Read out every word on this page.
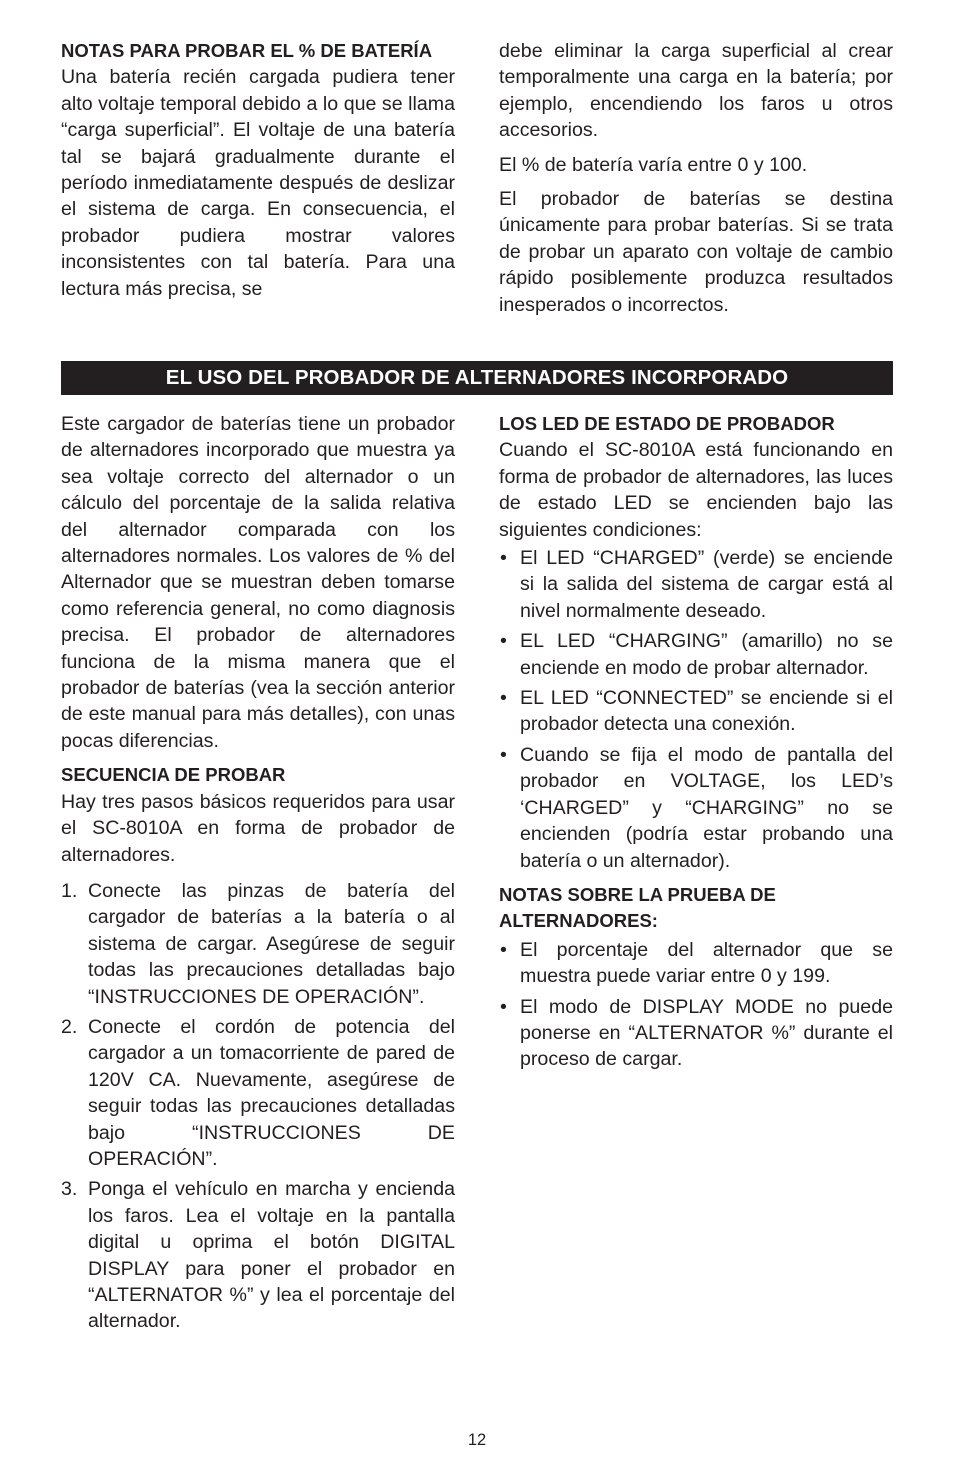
NOTAS PARA PROBAR EL % DE BATERÍA

Una batería recién cargada pudiera tener alto voltaje temporal debido a lo que se llama “carga superficial”. El voltaje de una batería tal se bajará gradualmente durante el período inmediatamente después de deslizar el sistema de carga. En consecuencia, el probador pudiera mostrar valores inconsistentes con tal batería. Para una lectura más precisa, se

debe eliminar la carga superficial al crear temporalmente una carga en la batería; por ejemplo, encendiendo los faros u otros accesorios.

El % de batería varía entre 0 y 100.

El probador de baterías se destina únicamente para probar baterías. Si se trata de probar un aparato con voltaje de cambio rápido posiblemente produzca resultados inesperados o incorrectos.

EL USO DEL PROBADOR DE ALTERNADORES INCORPORADO

Este cargador de baterías tiene un probador de alternadores incorporado que muestra ya sea voltaje correcto del alternador o un cálculo del porcentaje de la salida relativa del alternador comparada con los alternadores normales. Los valores de % del Alternador que se muestran deben tomarse como referencia general, no como diagnosis precisa. El probador de alternadores funciona de la misma manera que el probador de baterías (vea la sección anterior de este manual para más detalles), con unas pocas diferencias.

SECUENCIA DE PROBAR

Hay tres pasos básicos requeridos para usar el SC-8010A en forma de probador de alternadores.

1. Conecte las pinzas de batería del cargador de baterías a la batería o al sistema de cargar. Asegúrese de seguir todas las precauciones detalladas bajo “INSTRUCCIONES DE OPERACIÓN”.
2. Conecte el cordón de potencia del cargador a un tomacorriente de pared de 120V CA. Nuevamente, asegúrese de seguir todas las precauciones detalladas bajo “INSTRUCCIONES DE OPERACIÓN”.
3. Ponga el vehículo en marcha y encienda los faros. Lea el voltaje en la pantalla digital u oprima el botón DIGITAL DISPLAY para poner el probador en “ALTERNATOR %” y lea el porcentaje del alternador.
LOS LED DE ESTADO DE PROBADOR

Cuando el SC-8010A está funcionando en forma de probador de alternadores, las luces de estado LED se encienden bajo las siguientes condiciones:

• El LED “CHARGED” (verde) se enciende si la salida del sistema de cargar está al nivel normalmente deseado.
• EL LED “CHARGING” (amarillo) no se enciende en modo de probar alternador.
• EL LED “CONNECTED” se enciende si el probador detecta una conexión.
• Cuando se fija el modo de pantalla del probador en VOLTAGE, los LED’s ‘CHARGED” y “CHARGING” no se encienden (podría estar probando una batería o un alternador).
NOTAS SOBRE LA PRUEBA DE ALTERNADORES:
• El porcentaje del alternador que se muestra puede variar entre 0 y 199.
• El modo de DISPLAY MODE no puede ponerse en “ALTERNATOR %” durante el proceso de cargar.
12
